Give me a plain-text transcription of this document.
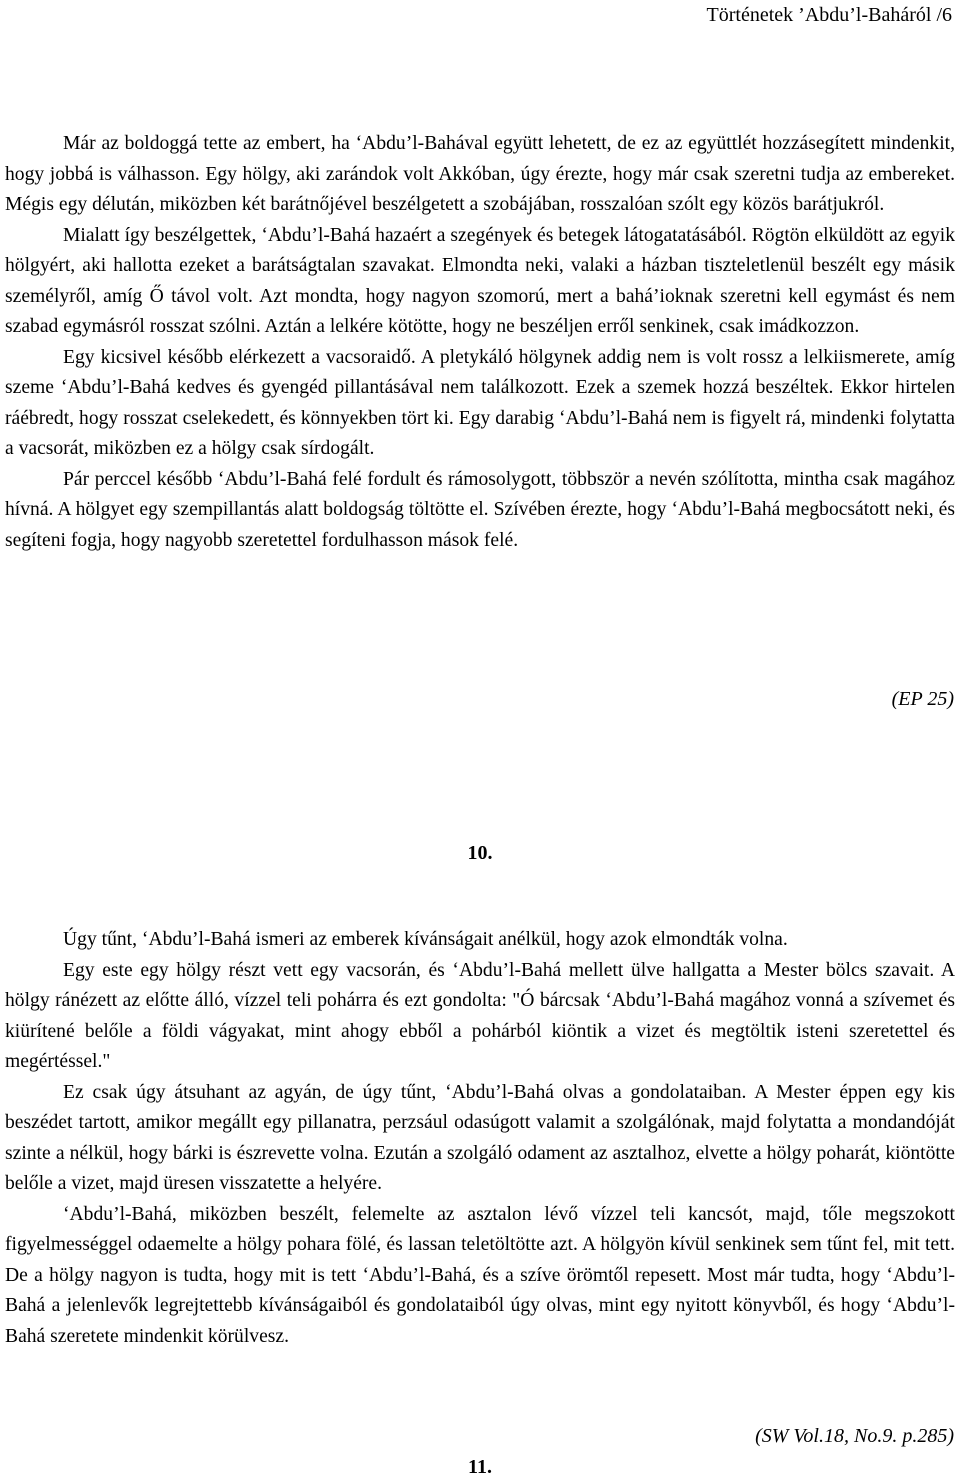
Történetek ’Abdu’l-Baháról /6

Már az boldoggá tette az embert, ha ‘Abdu’l-Bahával együtt lehetett, de ez az együttlét hozzásegített mindenkit, hogy jobbá is válhasson. Egy hölgy, aki zarándok volt Akkóban, úgy érezte, hogy már csak szeretni tudja az embereket. Mégis egy délután, miközben két barátnőjével beszélgetett a szobájában, rosszalóan szólt egy közös barátjukról.

Mialatt így beszélgettek, ‘Abdu’l-Bahá hazaért a szegények és betegek látogatatásából. Rögtön elküldött az egyik hölgyért, aki hallotta ezeket a barátságtalan szavakat. Elmondta neki, valaki a házban tiszteletlenül beszélt egy másik személyről, amíg Ő távol volt. Azt mondta, hogy nagyon szomorú, mert a bahá’ioknak szeretni kell egymást és nem szabad egymásról rosszat szólni. Aztán a lelkére kötötte, hogy ne beszéljen erről senkinek, csak imádkozzon.

Egy kicsivel később elérkezett a vacsoraidő. A pletykáló hölgynek addig nem is volt rossz a lelkiismerete, amíg szeme ‘Abdu’l-Bahá kedves és gyengéd pillantásával nem találkozott. Ezek a szemek hozzá beszéltek. Ekkor hirtelen ráébredt, hogy rosszat cselekedett, és könnyekben tört ki. Egy darabig ‘Abdu’l-Bahá nem is figyelt rá, mindenki folytatta a vacsorát, miközben ez a hölgy csak sírdogált.

Pár perccel később ‘Abdu’l-Bahá felé fordult és rámosolygott, többször a nevén szólította, mintha csak magához hívná. A hölgyet egy szempillantás alatt boldogság töltötte el. Szívében érezte, hogy ‘Abdu’l-Bahá megbocsátott neki, és segíteni fogja, hogy nagyobb szeretettel fordulhasson mások felé.

(EP 25)
10.

Úgy tűnt, ‘Abdu’l-Bahá ismeri az emberek kívánságait anélkül, hogy azok elmondták volna.

Egy este egy hölgy részt vett egy vacsorán, és ‘Abdu’l-Bahá mellett ülve hallgatta a Mester bölcs szavait. A hölgy ránézett az előtte álló, vízzel teli pohárra és ezt gondolta: "Ó bárcsak ‘Abdu’l-Bahá magához vonná a szívemet és kiürítené belőle a földi vágyakat, mint ahogy ebből a pohárból kiöntik a vizet és megtöltik isteni szeretettel és megértéssel."

Ez csak úgy átsuhant az agyán, de úgy tűnt, ‘Abdu’l-Bahá olvas a gondolataiban. A Mester éppen egy kis beszédet tartott, amikor megállt egy pillanatra, perzsául odasúgott valamit a szolgálónak, majd folytatta a mondandóját szinte a nélkül, hogy bárki is észrevette volna. Ezután a szolgáló odament az asztalhoz, elvette a hölgy poharát, kiöntötte belőle a vizet, majd üresen visszatette a helyére.

‘Abdu’l-Bahá, miközben beszélt, felemelte az asztalon lévő vízzel teli kancsót, majd, tőle megszokott figyelmességgel odaemelte a hölgy pohara fölé, és lassan teletöltötte azt. A hölgyön kívül senkinek sem tűnt fel, mit tett. De a hölgy nagyon is tudta, hogy mit is tett ‘Abdu’l-Bahá, és a szíve örömtől repesett. Most már tudta, hogy ‘Abdu’l-Bahá a jelenlevők legrejtettebb kívánságaiból és gondolataiból úgy olvas, mint egy nyitott könyvből, és hogy ‘Abdu’l-Bahá szeretete mindenkit körülvesz.

(SW Vol.18, No.9. p.285)
11.
